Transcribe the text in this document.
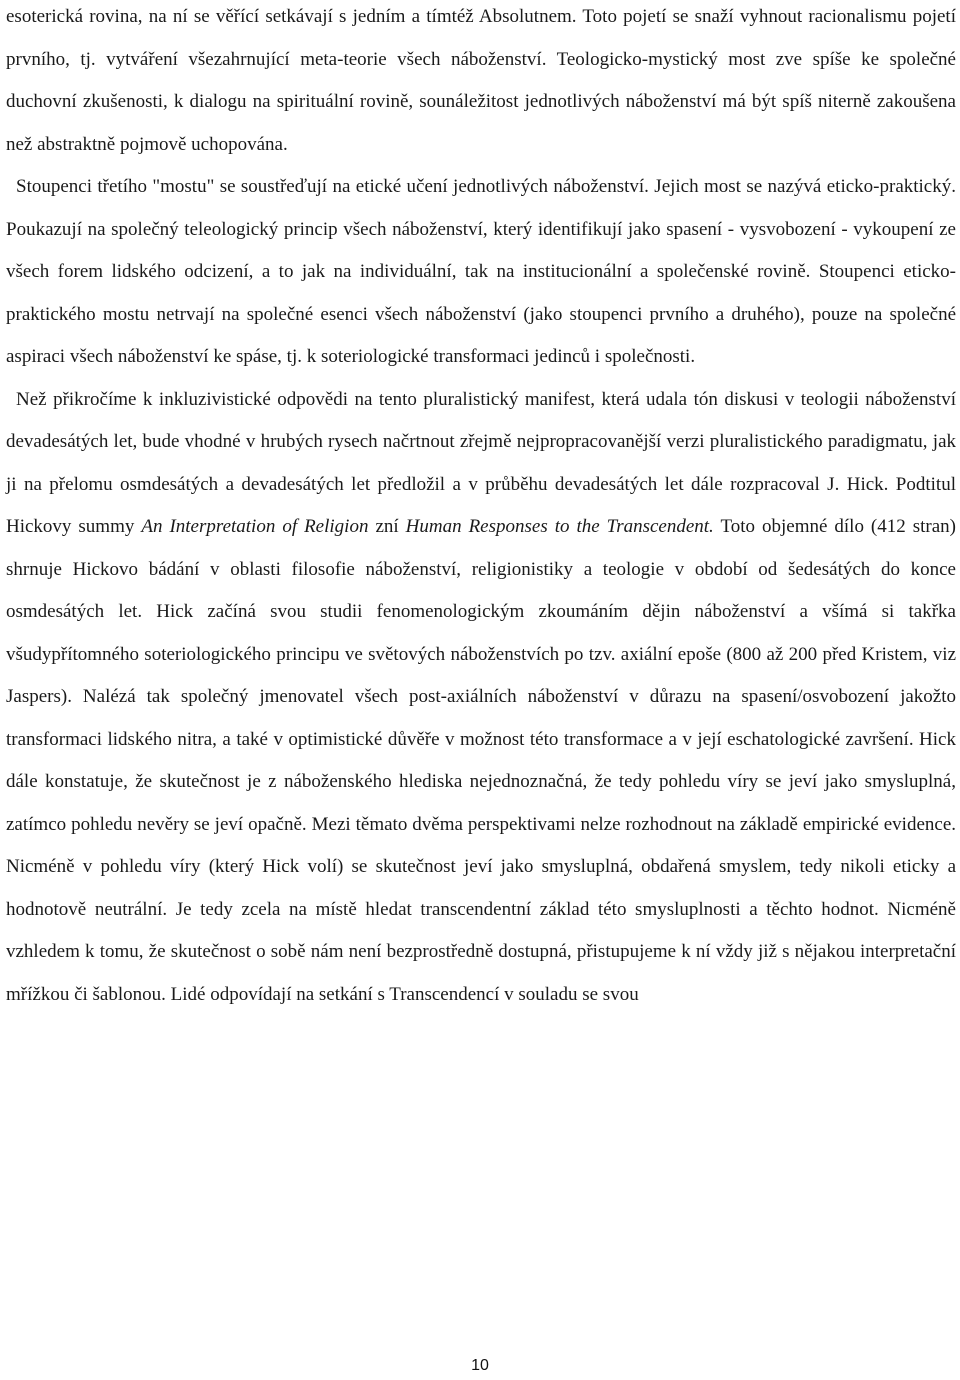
esoterická rovina, na ní se věřící setkávají s jedním a tímtéž Absolutnem. Toto pojetí se snaží vyhnout racionalismu pojetí prvního, tj. vytváření všezahrnující meta-teorie všech náboženství. Teologicko-mystický most zve spíše ke společné duchovní zkušenosti, k dialogu na spirituální rovině, sounáležitost jednotlivých náboženství má být spíš niterně zakoušena než abstraktně pojmově uchopována.

Stoupenci třetího "mostu" se soustřeďují na etické učení jednotlivých náboženství. Jejich most se nazývá eticko-praktický. Poukazují na společný teleologický princip všech náboženství, který identifikují jako spasení - vysvobození - vykoupení ze všech forem lidského odcizení, a to jak na individuální, tak na institucionální a společenské rovině. Stoupenci eticko-praktického mostu netrvají na společné esenci všech náboženství (jako stoupenci prvního a druhého), pouze na společné aspiraci všech náboženství ke spáse, tj. k soteriologické transformaci jedinců i společnosti.

Než přikročíme k inkluzivistické odpovědi na tento pluralistický manifest, která udala tón diskusi v teologii náboženství devadesátých let, bude vhodné v hrubých rysech načrtnout zřejmě nejpropracovanější verzi pluralistického paradigmatu, jak ji na přelomu osmdesátých a devadesátých let předložil a v průběhu devadesátých let dále rozpracoval J. Hick. Podtitul Hickovy summy An Interpretation of Religion zní Human Responses to the Transcendent. Toto objemné dílo (412 stran) shrnuje Hickovo bádání v oblasti filosofie náboženství, religionistiky a teologie v období od šedesátých do konce osmdesátých let. Hick začíná svou studii fenomenologickým zkoumáním dějin náboženství a všímá si takřka všudypřítomného soteriologického principu ve světových náboženstvích po tzv. axiální epoše (800 až 200 před Kristem, viz Jaspers). Nalézá tak společný jmenovatel všech post-axiálních náboženství v důrazu na spasení/osvobození jakožto transformaci lidského nitra, a také v optimistické důvěře v možnost této transformace a v její eschatologické završení. Hick dále konstatuje, že skutečnost je z náboženského hlediska nejednoznačná, že tedy pohledu víry se jeví jako smysluplná, zatímco pohledu nevěry se jeví opačně. Mezi těmato dvěma perspektivami nelze rozhodnout na základě empirické evidence. Nicméně v pohledu víry (který Hick volí) se skutečnost jeví jako smysluplná, obdařená smyslem, tedy nikoli eticky a hodnotově neutrální. Je tedy zcela na místě hledat transcendentní základ této smysluplnosti a těchto hodnot. Nicméně vzhledem k tomu, že skutečnost o sobě nám není bezprostředně dostupná, přistupujeme k ní vždy již s nějakou interpretační mřížkou či šablonou. Lidé odpovídají na setkání s Transcendencí v souladu se svou

10
